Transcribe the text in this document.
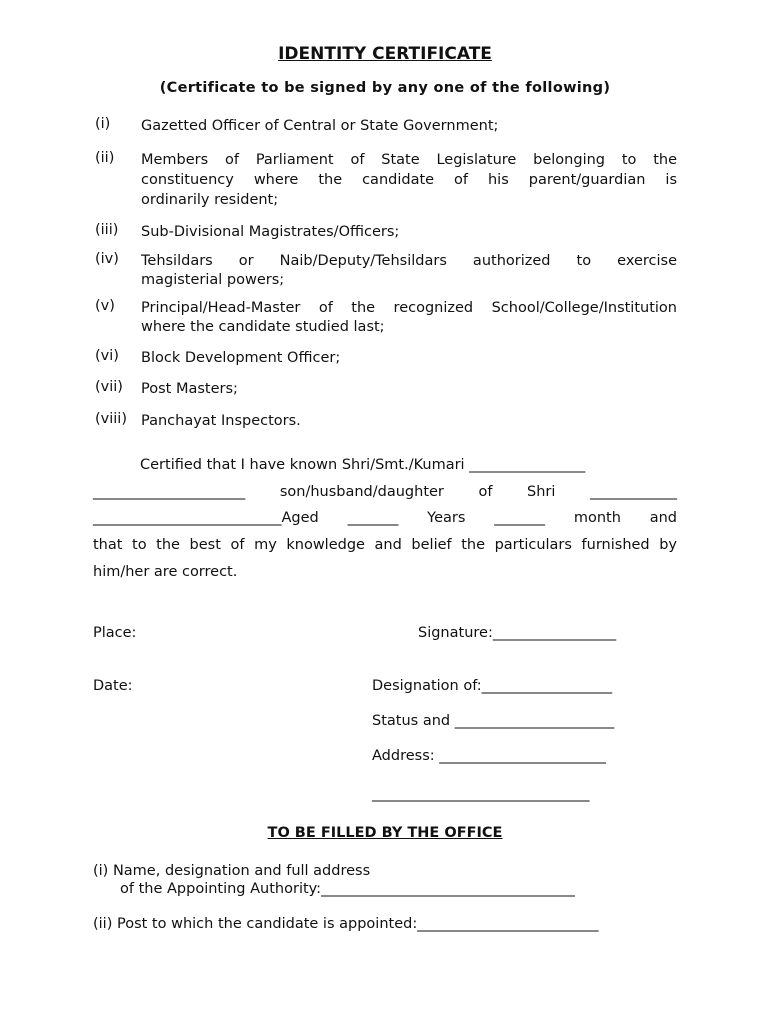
IDENTITY CERTIFICATE
(Certificate to be signed by any one of the following)
(i) Gazetted Officer of Central or State Government;
(ii) Members of Parliament of State Legislature belonging to the
constituency where the candidate of his parent/guardian is
ordinarily resident;
(iii) Sub-Divisional Magistrates/Officers;
(iv) Tehsildars or Naib/Deputy/Tehsildars authorized to exercise
magisterial powers;
(v) Principal/Head-Master of the recognized School/College/Institution
where the candidate studied last;
(vi) Block Development Officer;
(vii) Post Masters;
(viii) Panchayat Inspectors.
Certified that I have known Shri/Smt./Kumari ________________
_____________________ son/husband/daughter of Shri ____________
__________________________Aged _______ Years _______ month and
that to the best of my knowledge and belief the particulars furnished by
him/her are correct.
Place:	Signature:_________________
Date:	Designation of:__________________
Status and ______________________
Address: _______________________
______________________________
TO BE FILLED BY THE OFFICE
(i) Name, designation and full address
of the Appointing Authority:___________________________________
(ii) Post to which the candidate is appointed:_________________________
